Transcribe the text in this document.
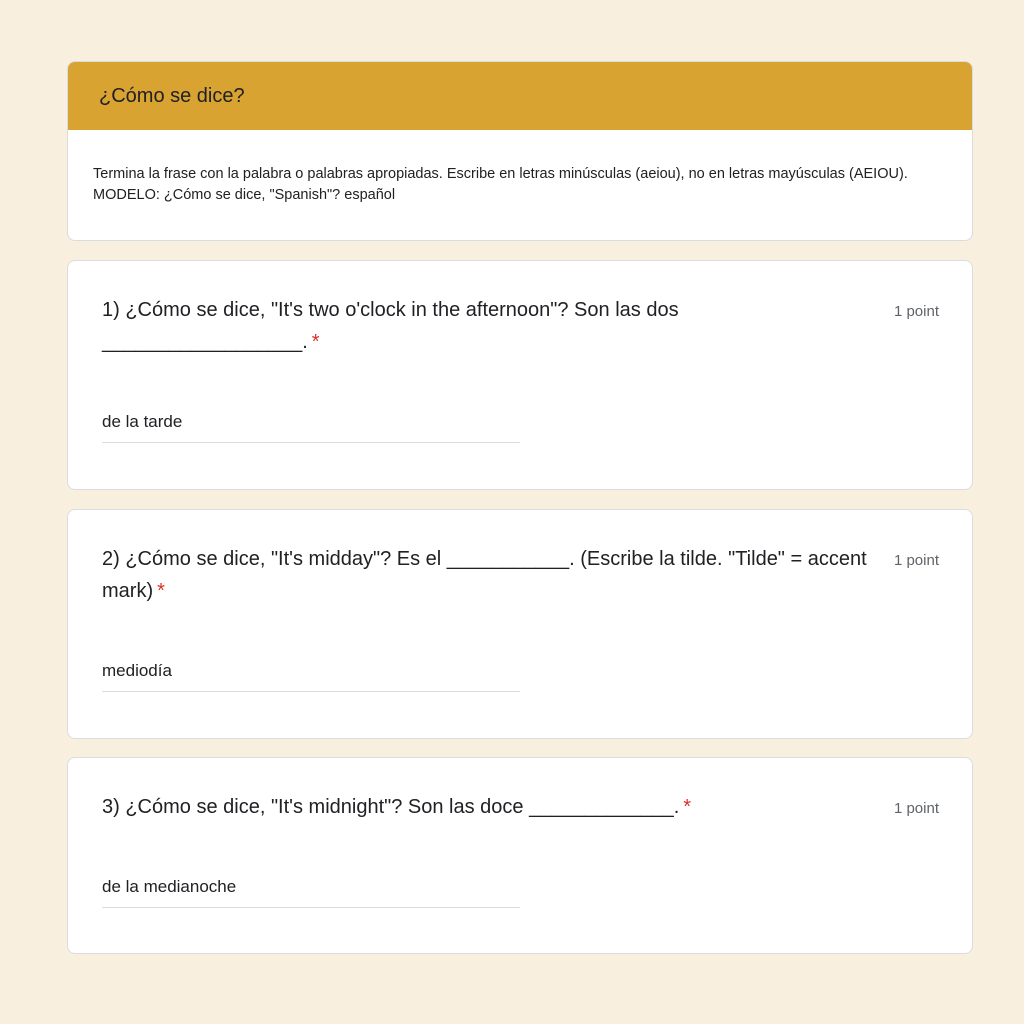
¿Cómo se dice?
Termina la frase con la palabra o palabras apropiadas. Escribe en letras minúsculas (aeiou), no en letras mayúsculas (AEIOU). MODELO: ¿Cómo se dice, "Spanish"? español
1) ¿Cómo se dice, "It's two o'clock in the afternoon"? Son las dos __________________. *
1 point
de la tarde
2) ¿Cómo se dice, "It's midday"? Es el ___________. (Escribe la tilde. "Tilde" = accent mark) *
1 point
mediodía
3) ¿Cómo se dice, "It's midnight"? Son las doce _____________. *	1 point
de la medianoche
